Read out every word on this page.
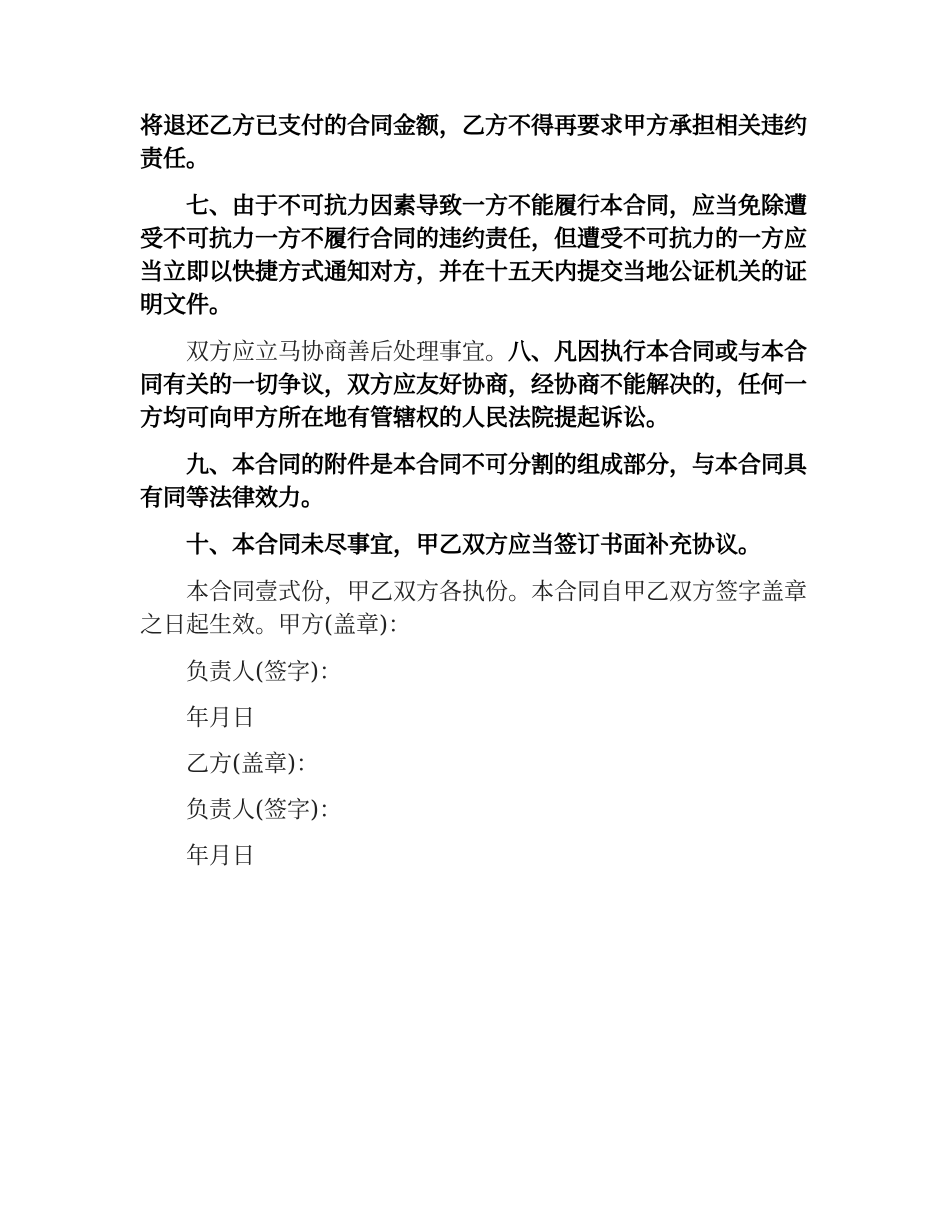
将退还乙方已支付的合同金额，乙方不得再要求甲方承担相关违约责任。

七、由于不可抗力因素导致一方不能履行本合同，应当免除遭受不可抗力一方不履行合同的违约责任，但遭受不可抗力的一方应当立即以快捷方式通知对方，并在十五天内提交当地公证机关的证明文件。

双方应立马协商善后处理事宜。八、凡因执行本合同或与本合同有关的一切争议，双方应友好协商，经协商不能解决的，任何一方均可向甲方所在地有管辖权的人民法院提起诉讼。

九、本合同的附件是本合同不可分割的组成部分，与本合同具有同等法律效力。

十、本合同未尽事宜，甲乙双方应当签订书面补充协议。

本合同壹式份，甲乙双方各执份。本合同自甲乙双方签字盖章之日起生效。甲方(盖章)：

负责人(签字)：

年月日

乙方(盖章)：

负责人(签字)：

年月日
